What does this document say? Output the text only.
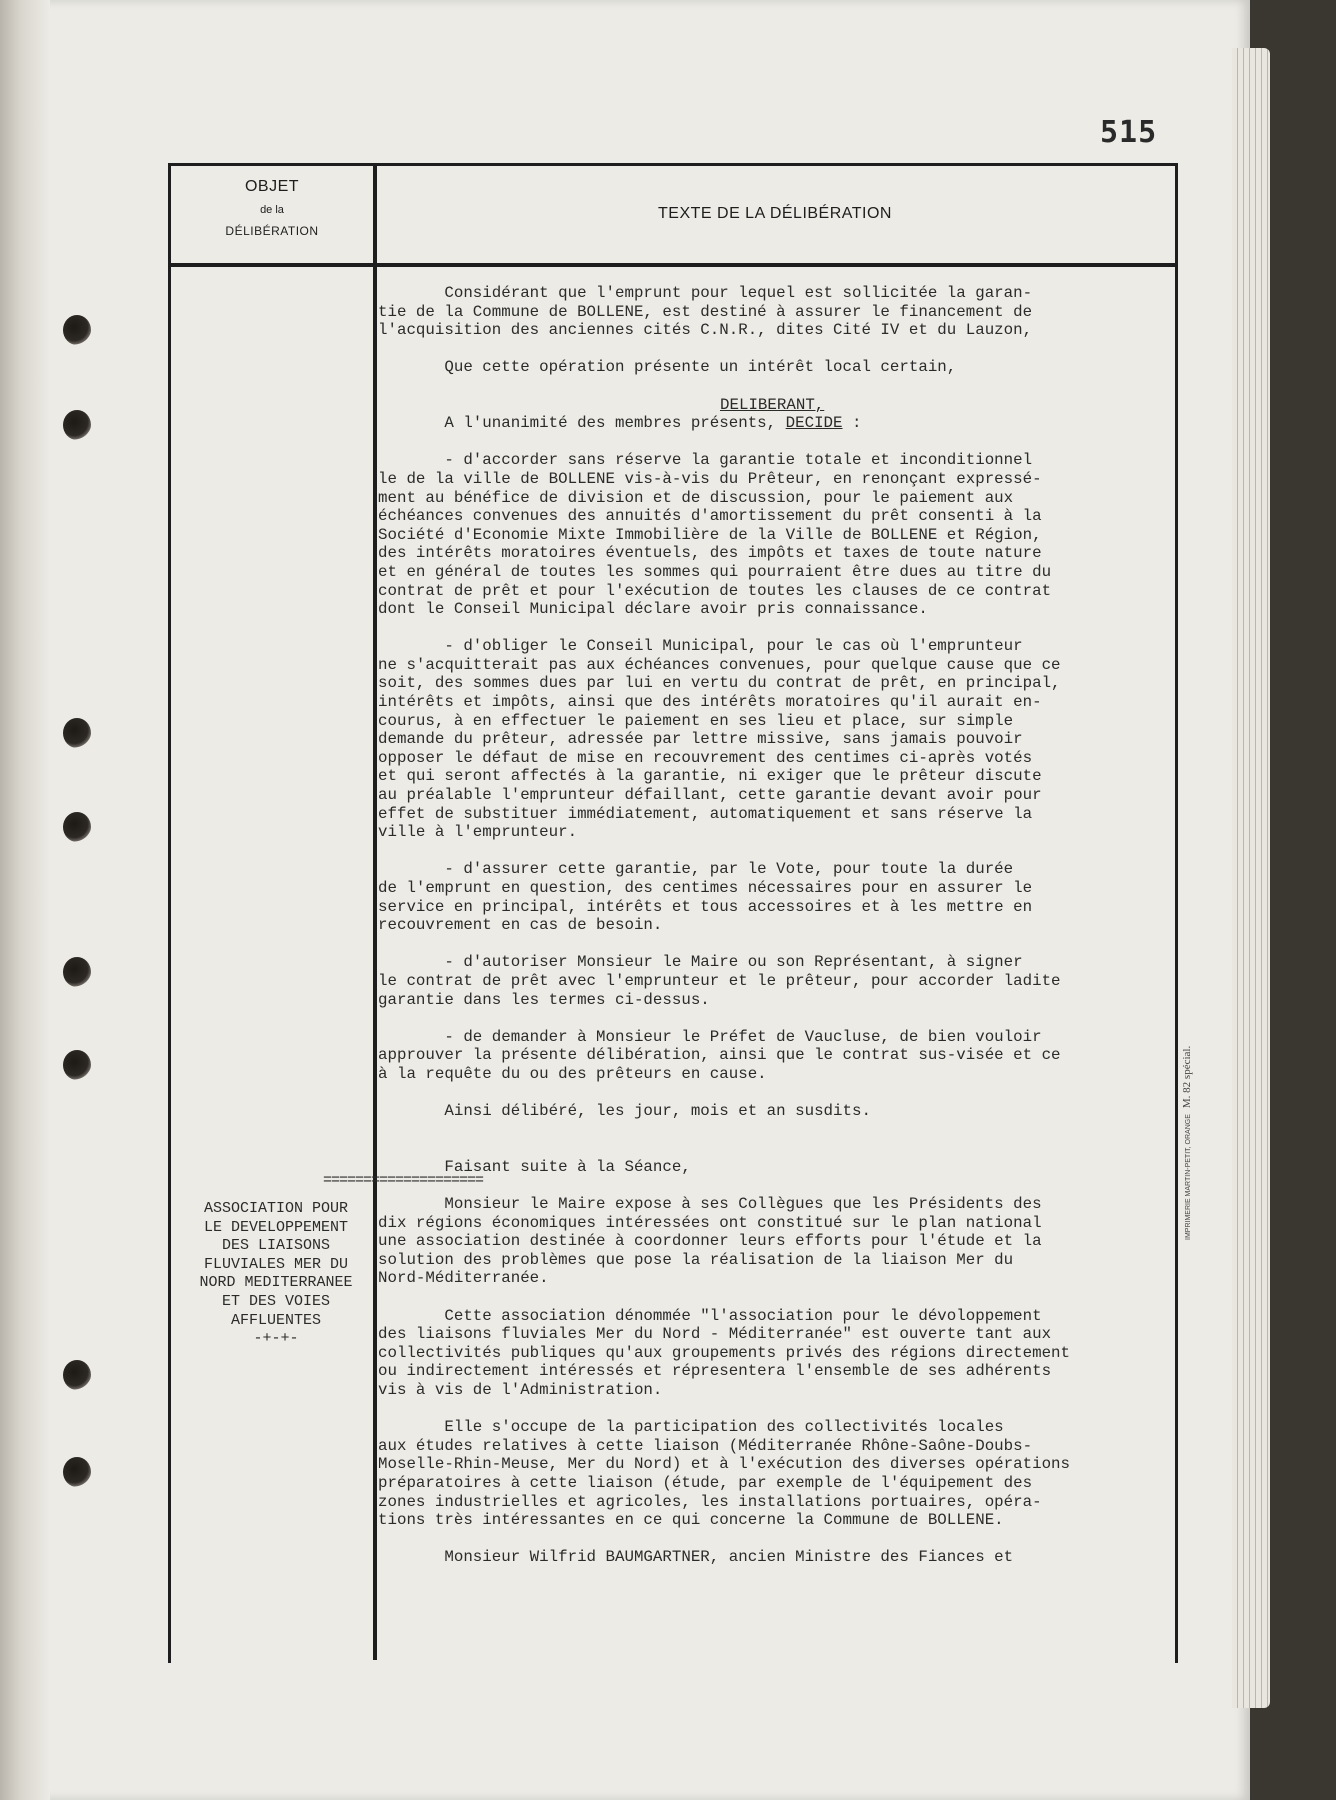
515
OBJET
de la
DÉLIBÉRATION
TEXTE DE LA DÉLIBÉRATION
Considérant que l'emprunt pour lequel est sollicitée la garan-
tie de la Commune de BOLLENE, est destiné à assurer le financement de
l'acquisition des anciennes cités C.N.R., dites Cité IV et du Lauzon,

Que cette opération présente un intérêt local certain,

DELIBERANT,
A l'unanimité des membres présents, DECIDE :

- d'accorder sans réserve la garantie totale et inconditionnel
le de la ville de BOLLENE vis-à-vis du Prêteur, en renonçant expressé-
ment au bénéfice de division et de discussion, pour le paiement aux
échéances convenues des annuités d'amortissement du prêt consenti à la
Société d'Economie Mixte Immobilière de la Ville de BOLLENE et Région,
des intérêts moratoires éventuels, des impôts et taxes de toute nature
et en général de toutes les sommes qui pourraient être dues au titre du
contrat de prêt et pour l'exécution de toutes les clauses de ce contrat
dont le Conseil Municipal déclare avoir pris connaissance.

- d'obliger le Conseil Municipal, pour le cas où l'emprunteur
ne s'acquitterait pas aux échéances convenues, pour quelque cause que ce
soit, des sommes dues par lui en vertu du contrat de prêt, en principal,
intérêts et impôts, ainsi que des intérêts moratoires qu'il aurait en-
courus, à en effectuer le paiement en ses lieu et place, sur simple
demande du prêteur, adressée par lettre missive, sans jamais pouvoir
opposer le défaut de mise en recouvrement des centimes ci-après votés
et qui seront affectés à la garantie, ni exiger que le prêteur discute
au préalable l'emprunteur défaillant, cette garantie devant avoir pour
effet de substituer immédiatement, automatiquement et sans réserve la
ville à l'emprunteur.

- d'assurer cette garantie, par le Vote, pour toute la durée
de l'emprunt en question, des centimes nécessaires pour en assurer le
service en principal, intérêts et tous accessoires et à les mettre en
recouvrement en cas de besoin.

- d'autoriser Monsieur le Maire ou son Représentant, à signer
le contrat de prêt avec l'emprunteur et le prêteur, pour accorder ladite
garantie dans les termes ci-dessus.

- de demander à Monsieur le Préfet de Vaucluse, de bien vouloir
approuver la présente délibération, ainsi que le contrat sus-visée et ce
à la requête du ou des prêteurs en cause.

Ainsi délibéré, les jour, mois et an susdits.

Faisant suite à la Séance,

Monsieur le Maire expose à ses Collègues que les Présidents des
dix régions économiques intéressées ont constitué sur le plan national
une association destinée à coordonner leurs efforts pour l'étude et la
solution des problèmes que pose la réalisation de la liaison Mer du
Nord-Méditerranée.

Cette association dénommée "l'association pour le dévoloppement
des liaisons fluviales Mer du Nord - Méditerranée" est ouverte tant aux
collectivités publiques qu'aux groupements privés des régions directement
ou indirectement intéressés et répresentera l'ensemble de ses adhérents
vis à vis de l'Administration.

Elle s'occupe de la participation des collectivités locales
aux études relatives à cette liaison (Méditerranée Rhône-Saône-Doubs-
Moselle-Rhin-Meuse, Mer du Nord) et à l'exécution des diverses opérations
préparatoires à cette liaison (étude, par exemple de l'équipement des
zones industrielles et agricoles, les installations portuaires, opéra-
tions très intéressantes en ce qui concerne la Commune de BOLLENE.

Monsieur Wilfrid BAUMGARTNER, ancien Ministre des Fiances et
====================
ASSOCIATION POUR
LE DEVELOPPEMENT
DES LIAISONS
FLUVIALES MER DU
NORD MEDITERRANEE
ET DES VOIES
AFFLUENTES
-+-+-
IMPRIMERIE MARTIN-PETIT, ORANGEM. 82 spécial.
